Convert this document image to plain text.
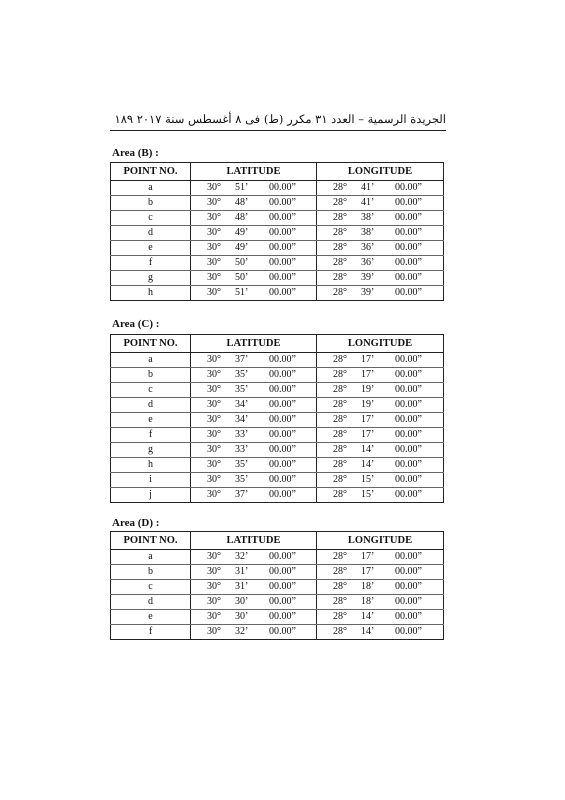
الجريدة الرسمية – العدد ٣١ مكرر (ط) فى ٨ أغسطس سنة ٢٠١٧ ١٨٩
Area (B) :
POINT NO.	LATITUDE	LONGITUDE
a	30° 51’ 00.00”	28° 41’ 00.00”
b	30° 48’ 00.00”	28° 41’ 00.00”
c	30° 48’ 00.00”	28° 38’ 00.00”
d	30° 49’ 00.00”	28° 38’ 00.00”
e	30° 49’ 00.00”	28° 36’ 00.00”
f	30° 50’ 00.00”	28° 36’ 00.00”
g	30° 50’ 00.00”	28° 39’ 00.00”
h	30° 51’ 00.00”	28° 39’ 00.00”
Area (C) :
POINT NO.	LATITUDE	LONGITUDE
a	30° 37’ 00.00”	28° 17’ 00.00”
b	30° 35’ 00.00”	28° 17’ 00.00”
c	30° 35’ 00.00”	28° 19’ 00.00”
d	30° 34’ 00.00”	28° 19’ 00.00”
e	30° 34’ 00.00”	28° 17’ 00.00”
f	30° 33’ 00.00”	28° 17’ 00.00”
g	30° 33’ 00.00”	28° 14’ 00.00”
h	30° 35’ 00.00”	28° 14’ 00.00”
i	30° 35’ 00.00”	28° 15’ 00.00”
j	30° 37’ 00.00”	28° 15’ 00.00”
Area (D) :
POINT NO.	LATITUDE	LONGITUDE
a	30° 32’ 00.00”	28° 17’ 00.00”
b	30° 31’ 00.00”	28° 17’ 00.00”
c	30° 31’ 00.00”	28° 18’ 00.00”
d	30° 30’ 00.00”	28° 18’ 00.00”
e	30° 30’ 00.00”	28° 14’ 00.00”
f	30° 32’ 00.00”	28° 14’ 00.00”
